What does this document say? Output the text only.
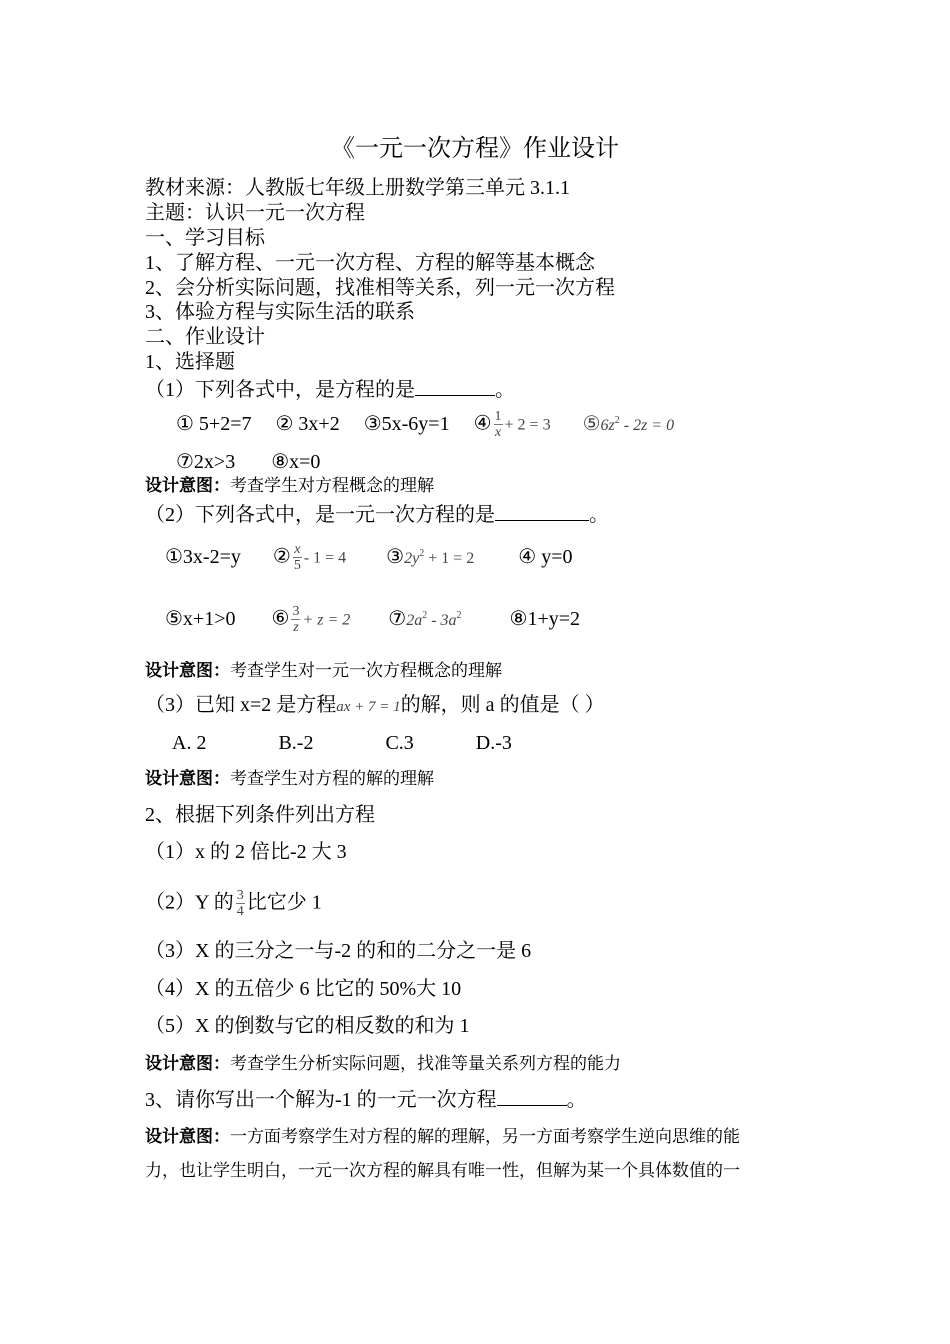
《一元一次方程》作业设计
教材来源：人教版七年级上册数学第三单元 3.1.1
主题：认识一元一次方程
一、学习目标
1、了解方程、一元一次方程、方程的解等基本概念
2、会分析实际问题，找准相等关系，列一元一次方程
3、体验方程与实际生活的联系
二、作业设计
1、选择题
（1）下列各式中，是方程的是	。
① 5+2=7 ② 3x+2 ③5x-6y=1 ④ $\frac{1}{x} + 2 = 3$ $⑤6z^2 - 2z = 0$
⑦2x>3 ⑧x=0
设计意图：考查学生对方程概念的理解
（2）下列各式中，是一元一次方程的是	。
①3x-2=y ② $\frac{x}{5} - 1 = 4$ $③2y^2 + 1 = 2$ ④ y=0
⑤x+1>0 ⑥ $\frac{3}{z} + z = 2$ $⑦2a^2 - 3a^2$ ⑧1+y=2
设计意图：考查学生对一元一次方程概念的理解
（3）已知 x=2 是方程ax + 7 = 1的解，则 a 的值是（ ）
A. 2	B.-2	C.3	D.-3
设计意图：考查学生对方程的解的理解
2、根据下列条件列出方程
（1）x 的 2 倍比-2 大 3
（2）Y 的 $\frac{3}{4}$ 比它少 1
（3）X 的三分之一与-2 的和的二分之一是 6
（4）X 的五倍少 6 比它的 50%大 10
（5）X 的倒数与它的相反数的和为 1
设计意图：考查学生分析实际问题，找准等量关系列方程的能力
3、请你写出一个解为-1 的一元一次方程	。
设计意图：一方面考察学生对方程的解的理解，另一方面考察学生逆向思维的能
力，也让学生明白，一元一次方程的解具有唯一性，但解为某一个具体数值的一
